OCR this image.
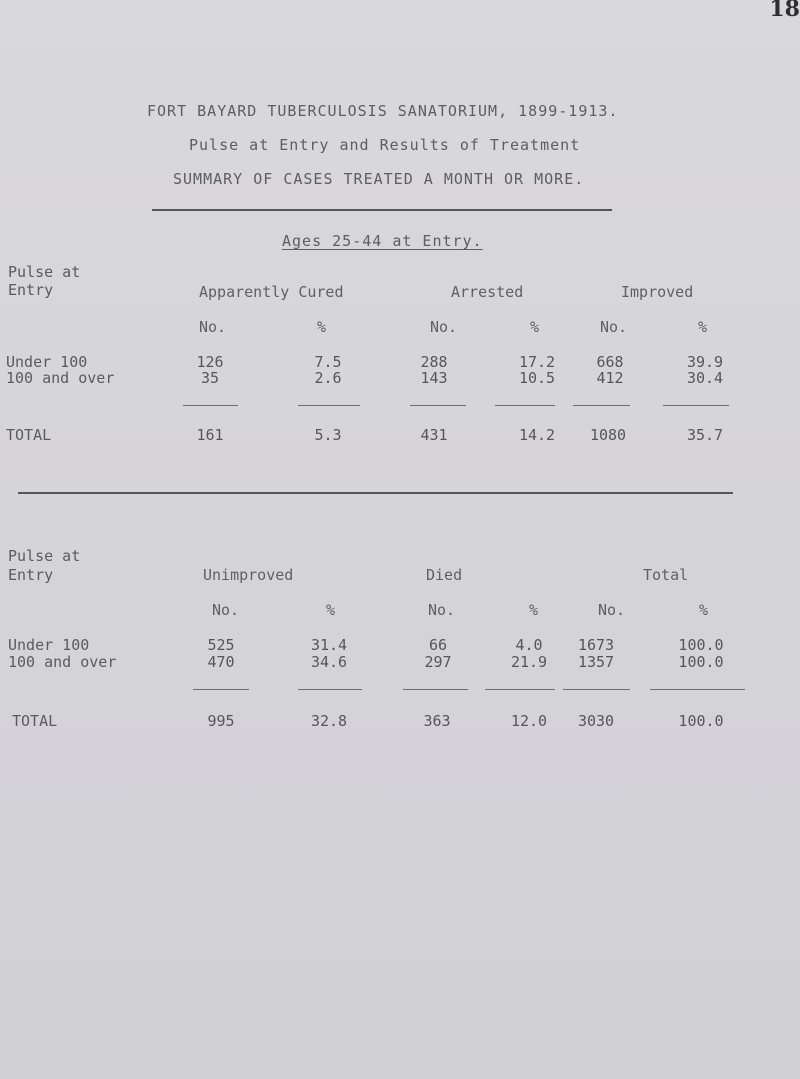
18
FORT BAYARD TUBERCULOSIS SANATORIUM, 1899-1913.
Pulse at Entry and Results of Treatment
SUMMARY OF CASES TREATED A MONTH OR MORE.
Ages 25-44 at Entry.
Pulse at
Entry	Apparently Cured	Arrested	Improved
No.	%	No.	%	No.	%
Under 100	126	7.5	288	17.2	668	39.9
100 and over	35	2.6	143	10.5	412	30.4
TOTAL	161	5.3	431	14.2	1080	35.7
Pulse at
Entry	Unimproved	Died	Total
No.	%	No.	%	No.	%
Under 100	525	31.4	66	4.0	1673	100.0
100 and over	470	34.6	297	21.9	1357	100.0
TOTAL	995	32.8	363	12.0	3030	100.0
